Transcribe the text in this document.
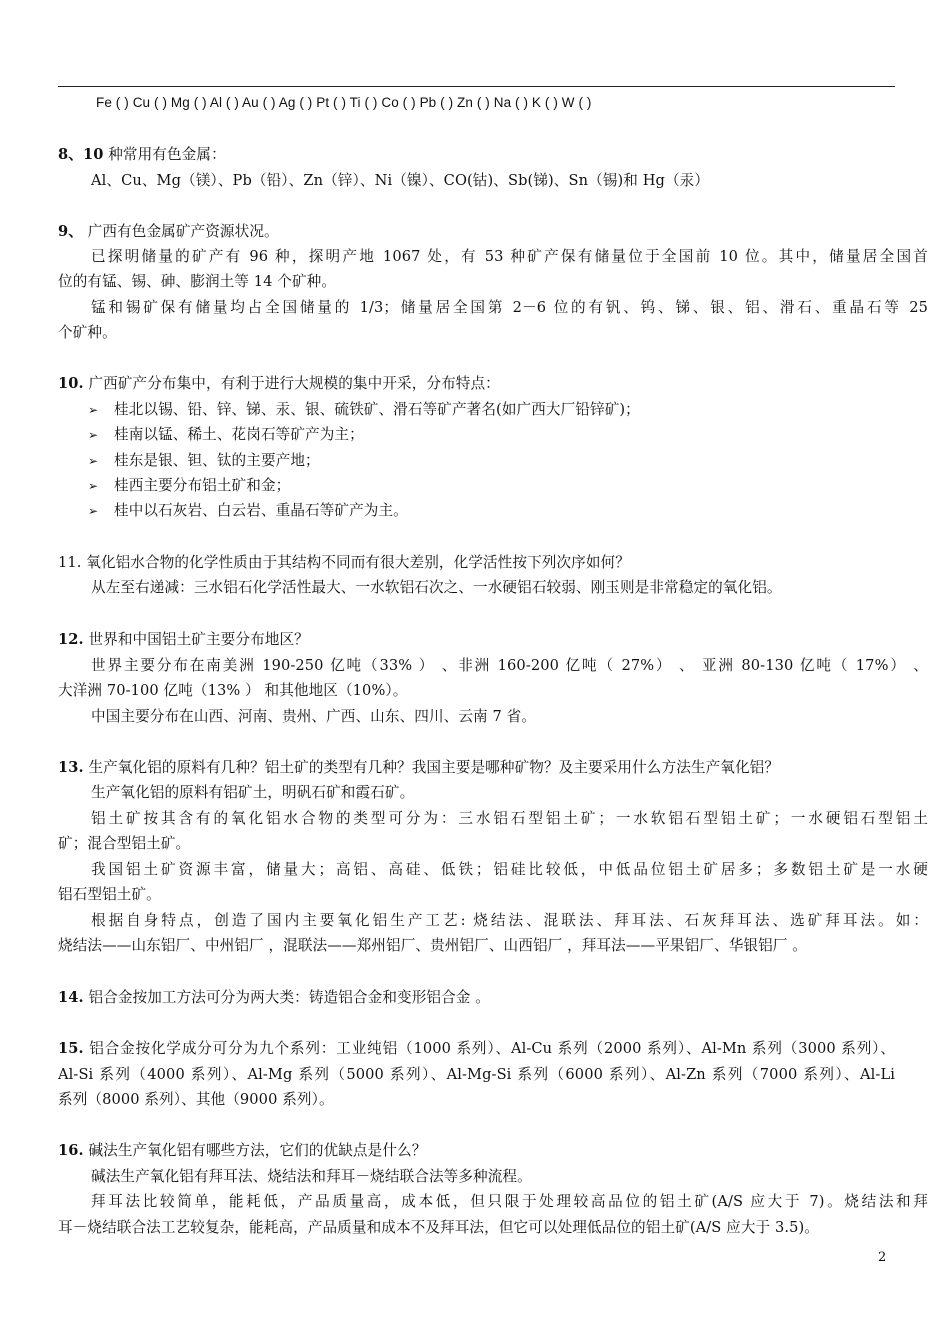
Fe ( ) Cu ( ) Mg ( ) Al ( ) Au ( ) Ag ( ) Pt ( ) Ti ( ) Co ( ) Pb ( ) Zn ( ) Na ( ) K ( ) W ( )
8、10 种常用有色金属：
Al、Cu、Mg（镁）、Pb（铅）、Zn（锌）、Ni（镍）、CO(钴)、Sb(锑)、Sn（锡)和 Hg（汞）
9、 广西有色金属矿产资源状况。
已探明储量的矿产有 96 种，探明产地 1067 处，有 53 种矿产保有储量位于全国前 10 位。其中，储量居全国首
位的有锰、锡、砷、膨润土等 14 个矿种。
锰和锡矿保有储量均占全国储量的 1/3；储量居全国第 2－6 位的有钒、钨、锑、银、铝、滑石、重晶石等 25
个矿种。
10. 广西矿产分布集中，有利于进行大规模的集中开采，分布特点：
➢ 桂北以锡、铅、锌、锑、汞、银、硫铁矿、滑石等矿产著名(如广西大厂铅锌矿)；
➢ 桂南以锰、稀土、花岗石等矿产为主；
➢ 桂东是银、钽、钛的主要产地；
➢ 桂西主要分布铝土矿和金；
➢ 桂中以石灰岩、白云岩、重晶石等矿产为主。
11. 氧化铝水合物的化学性质由于其结构不同而有很大差别，化学活性按下列次序如何？
从左至右递减：三水铝石化学活性最大、一水软铝石次之、一水硬铝石较弱、刚玉则是非常稳定的氧化铝。
12. 世界和中国铝土矿主要分布地区？
世界主要分布在南美洲 190-250 亿吨（33% ） 、非洲 160-200 亿吨（ 27%） 、 亚洲 80-130 亿吨（ 17%） 、
大洋洲 70-100 亿吨（13% ） 和其他地区（10%）。
中国主要分布在山西、河南、贵州、广西、山东、四川、云南 7 省。
13. 生产氧化铝的原料有几种？铝土矿的类型有几种？我国主要是哪种矿物？及主要采用什么方法生产氧化铝？
生产氧化铝的原料有铝矿土，明矾石矿和霞石矿。
铝土矿按其含有的氧化铝水合物的类型可分为：三水铝石型铝土矿；一水软铝石型铝土矿；一水硬铝石型铝土
矿；混合型铝土矿。
我国铝土矿资源丰富，储量大；高铝、高硅、低铁；铝硅比较低，中低品位铝土矿居多；多数铝土矿是一水硬
铝石型铝土矿。
根据自身特点，创造了国内主要氧化铝生产工艺: 烧结法、混联法、拜耳法、石灰拜耳法、选矿拜耳法。如：
烧结法——山东铝厂、中州铝厂 ，混联法——郑州铝厂、贵州铝厂、山西铝厂 ，拜耳法——平果铝厂、华银铝厂 。
14. 铝合金按加工方法可分为两大类：铸造铝合金和变形铝合金 。
15. 铝合金按化学成分可分为九个系列：工业纯铝（1000 系列）、Al-Cu 系列（2000 系列）、Al-Mn 系列（3000 系列）、
Al-Si 系列（4000 系列）、Al-Mg 系列（5000 系列）、Al-Mg-Si 系列（6000 系列）、Al-Zn 系列（7000 系列）、Al-Li
系列（8000 系列）、其他（9000 系列）。
16. 碱法生产氧化铝有哪些方法，它们的优缺点是什么？
碱法生产氧化铝有拜耳法、烧结法和拜耳－烧结联合法等多种流程。
拜耳法比较简单，能耗低，产品质量高，成本低，但只限于处理较高品位的铝土矿(A/S 应大于 7)。烧结法和拜
耳－烧结联合法工艺较复杂，能耗高，产品质量和成本不及拜耳法，但它可以处理低品位的铝土矿(A/S 应大于 3.5)。
2
